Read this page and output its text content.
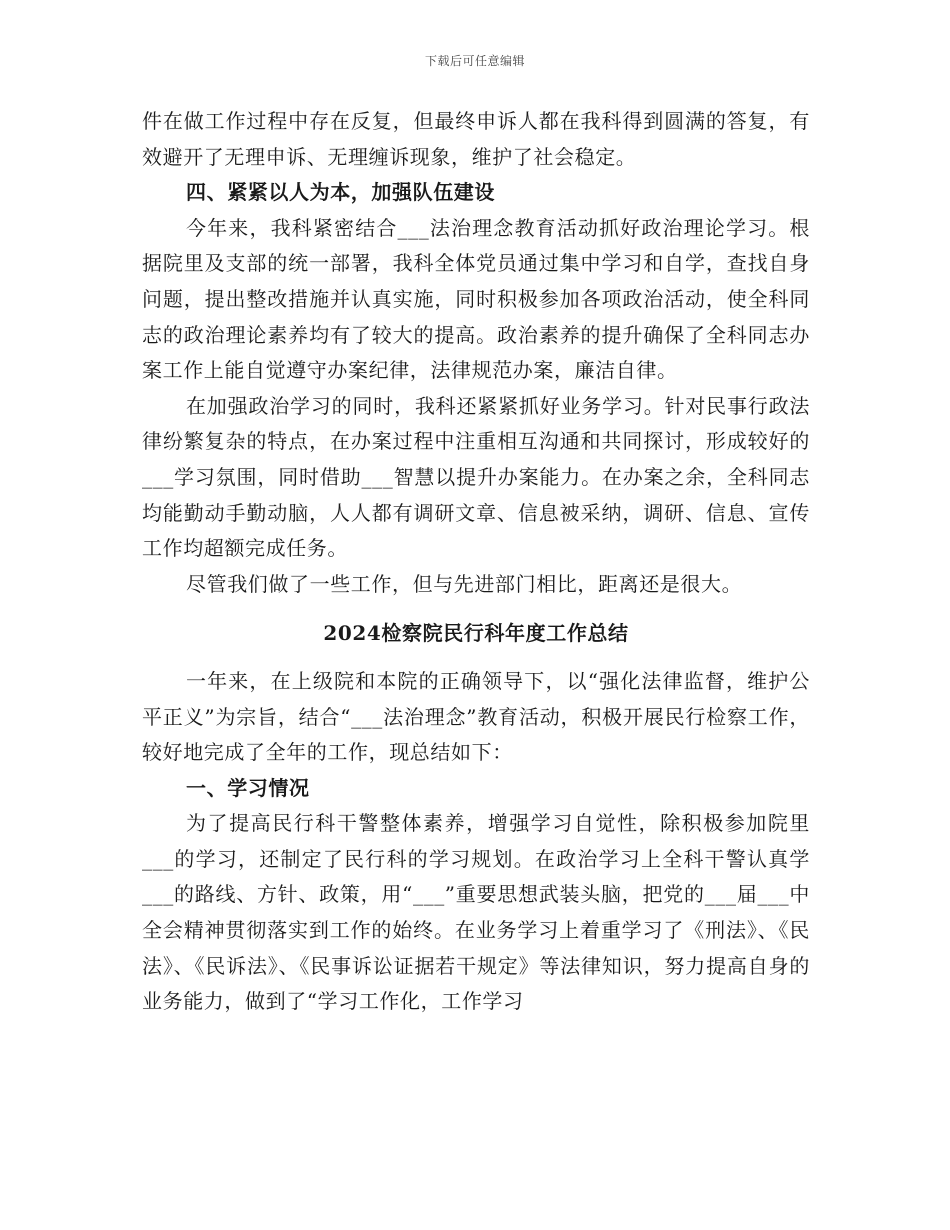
下载后可任意编辑

件在做工作过程中存在反复，但最终申诉人都在我科得到圆满的答复，有效避开了无理申诉、无理缠诉现象，维护了社会稳定。

四、紧紧以人为本，加强队伍建设

今年来，我科紧密结合___法治理念教育活动抓好政治理论学习。根据院里及支部的统一部署，我科全体党员通过集中学习和自学，查找自身问题，提出整改措施并认真实施，同时积极参加各项政治活动，使全科同志的政治理论素养均有了较大的提高。政治素养的提升确保了全科同志办案工作上能自觉遵守办案纪律，法律规范办案，廉洁自律。

在加强政治学习的同时，我科还紧紧抓好业务学习。针对民事行政法律纷繁复杂的特点，在办案过程中注重相互沟通和共同探讨，形成较好的___学习氛围，同时借助___智慧以提升办案能力。在办案之余，全科同志均能勤动手勤动脑，人人都有调研文章、信息被采纳，调研、信息、宣传工作均超额完成任务。

尽管我们做了一些工作，但与先进部门相比，距离还是很大。

2024检察院民行科年度工作总结

一年来，在上级院和本院的正确领导下，以“强化法律监督，维护公平正义”为宗旨，结合“___法治理念”教育活动，积极开展民行检察工作，较好地完成了全年的工作，现总结如下：

一、学习情况

为了提高民行科干警整体素养，增强学习自觉性，除积极参加院里___的学习，还制定了民行科的学习规划。在政治学习上全科干警认真学___的路线、方针、政策，用“___”重要思想武装头脑，把党的___届___中全会精神贯彻落实到工作的始终。在业务学习上着重学习了《刑法》、《民法》、《民诉法》、《民事诉讼证据若干规定》等法律知识，努力提高自身的业务能力，做到了“学习工作化，工作学习
